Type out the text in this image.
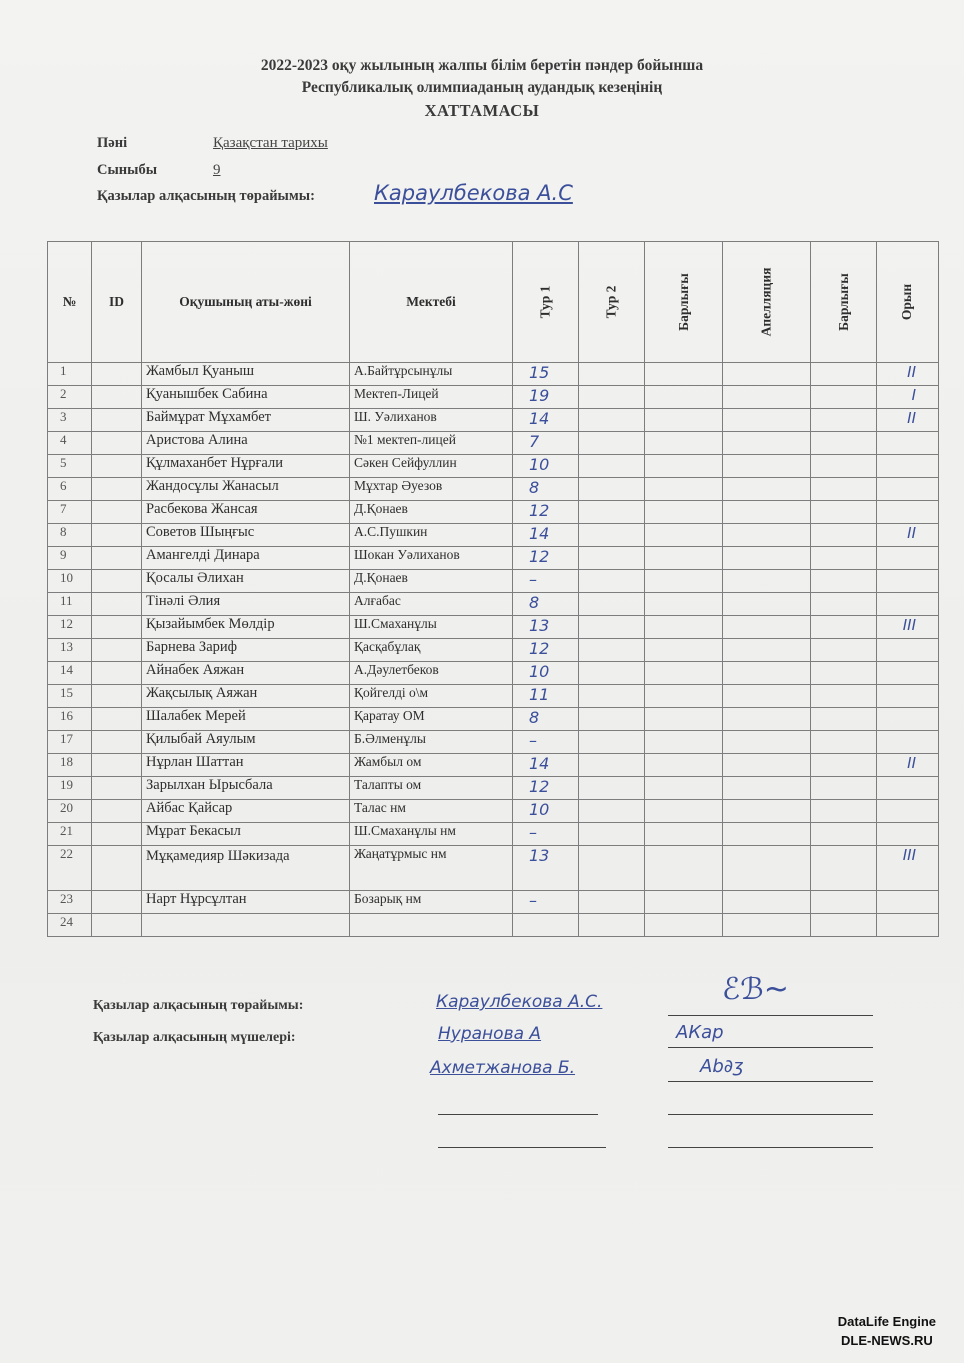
2022-2023 оқу жылының жалпы білім беретін пәндер бойынша
Республикалық олимпиаданың аудандық кезеңінің
ХАТТАМАСЫ
Пәні	Қазақстан тарихы
Сыныбы	9
Қазылар алқасының төрайымы:	Караулбекова А.С
№	ID	Оқушының аты-жөні	Мектебі	Тур 1	Тур 2	Барлығы	Апелляция	Барлығы	Орын
1		Жамбыл Қуаныш	А.Байтұрсынұлы	15					II
2		Қуанышбек Сабина	Мектеп-Лицей	19					I
3		Баймұрат Мұхамбет	Ш. Уәлиханов	14					II
4		Аристова Алина	№1 мектеп-лицей	7					
5		Құлмаханбет Нұрғали	Сәкен Сейфуллин	10					
6		Жандосұлы Жанасыл	Мұхтар Әуезов	8					
7		Расбекова Жансая	Д.Қонаев	12					
8		Советов Шыңғыс	А.С.Пушкин	14					II
9		Амангелді Динара	Шокан Уәлиханов	12					
10		Қосалы Әлихан	Д.Қонаев	–					
11		Тінәлі Әлия	Алғабас	8					
12		Қызайымбек Мөлдір	Ш.Смаханұлы	13					III
13		Барнева Зариф	Қасқабұлақ	12					
14		Айнабек Аяжан	А.Дәулетбеков	10					
15		Жақсылық Аяжан	Қойгелді о\м	11					
16		Шалабек Мерей	Қаратау ОМ	8					
17		Қилыбай Аяулым	Б.Әлменұлы	–					
18		Нұрлан Шаттан	Жамбыл ом	14					II
19		Зарылхан Ырысбала	Талапты ом	12					
20		Айбас Қайсар	Талас нм	10					
21		Мұрат Бекасыл	Ш.Смаханұлы нм	–					
22		Мұқамедияр Шәкизада	Жаңатұрмыс нм	13					III
23		Нарт Нұрсұлтан	Бозарық нм	–					
24									
Қазылар алқасының төрайымы:
Қазылар алқасының мүшелері:
Караулбекова А.С.	ℰℬ~
Нуранова А	АКар
Ахметжанова Б.	Ab∂ʒ
DataLife Engine
DLE-NEWS.RU
